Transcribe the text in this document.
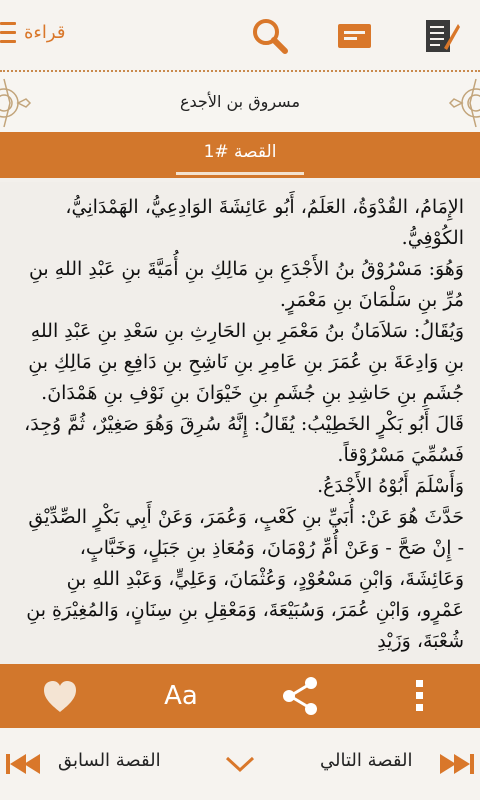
قراءة
مسروق بن الأجدع
القصة #1

الإِمَامُ، القُدْوَةُ، العَلَمُ، أَبُو عَائِشَةَ الوَادِعِيُّ، الهَمْدَانِيُّ، الكُوْفِيُّ.

وَهُوَ: مَسْرُوْقُ بنُ الأَجْدَعِ بنِ مَالِكِ بنِ أُمَيَّةَ بنِ عَبْدِ اللهِ بنِ مُرِّ بنِ سَلْمَانَ بنِ مَعْمَرٍ.

وَيُقَالُ: سَلاَمَانُ بنُ مَعْمَرِ بنِ الحَارِثِ بنِ سَعْدِ بنِ عَبْدِ اللهِ بنِ وَادِعَةَ بنِ عُمَرَ بنِ عَامِرِ بنِ نَاشِحِ بنِ دَافِعِ بنِ مَالِكِ بنِ جُشَمِ بنِ حَاشِدِ بنِ جُشَمِ بنِ خَيْوَانَ بنِ نَوْفِ بنِ هَمْدَانَ.

قَالَ أَبُو بَكْرٍ الخَطِيْبُ: يُقَالُ: إِنَّهُ سُرِقَ وَهُوَ صَغِيْرٌ، ثُمَّ وُجِدَ، فَسُمِّيَ مَسْرُوْقاً.

وَأَسْلَمَ أَبُوْهُ الأَجْدَعُ.

حَدَّثَ هُوَ عَنْ: أُبَيِّ بنِ كَعْبٍ، وَعُمَرَ، وَعَنْ أَبِي بَكْرٍ الصِّدِّيْقِ - إِنْ صَحَّ - وَعَنْ أُمِّ رُوْمَانَ، وَمُعَاذِ بنِ جَبَلٍ، وَخَبَّابٍ، وَعَائِشَةَ، وَابْنِ مَسْعُوْدٍ، وَعُثْمَانَ، وَعَلِيٍّ، وَعَبْدِ اللهِ بنِ عَمْرٍو، وَابْنِ عُمَرَ، وَسُبَيْعَةَ، وَمَعْقِلِ بنِ سِنَانٍ، وَالمُغِيْرَةِ بنِ شُعْبَةَ، وَزَيْدِ

Aa
القصة السابق	القصة التالي
